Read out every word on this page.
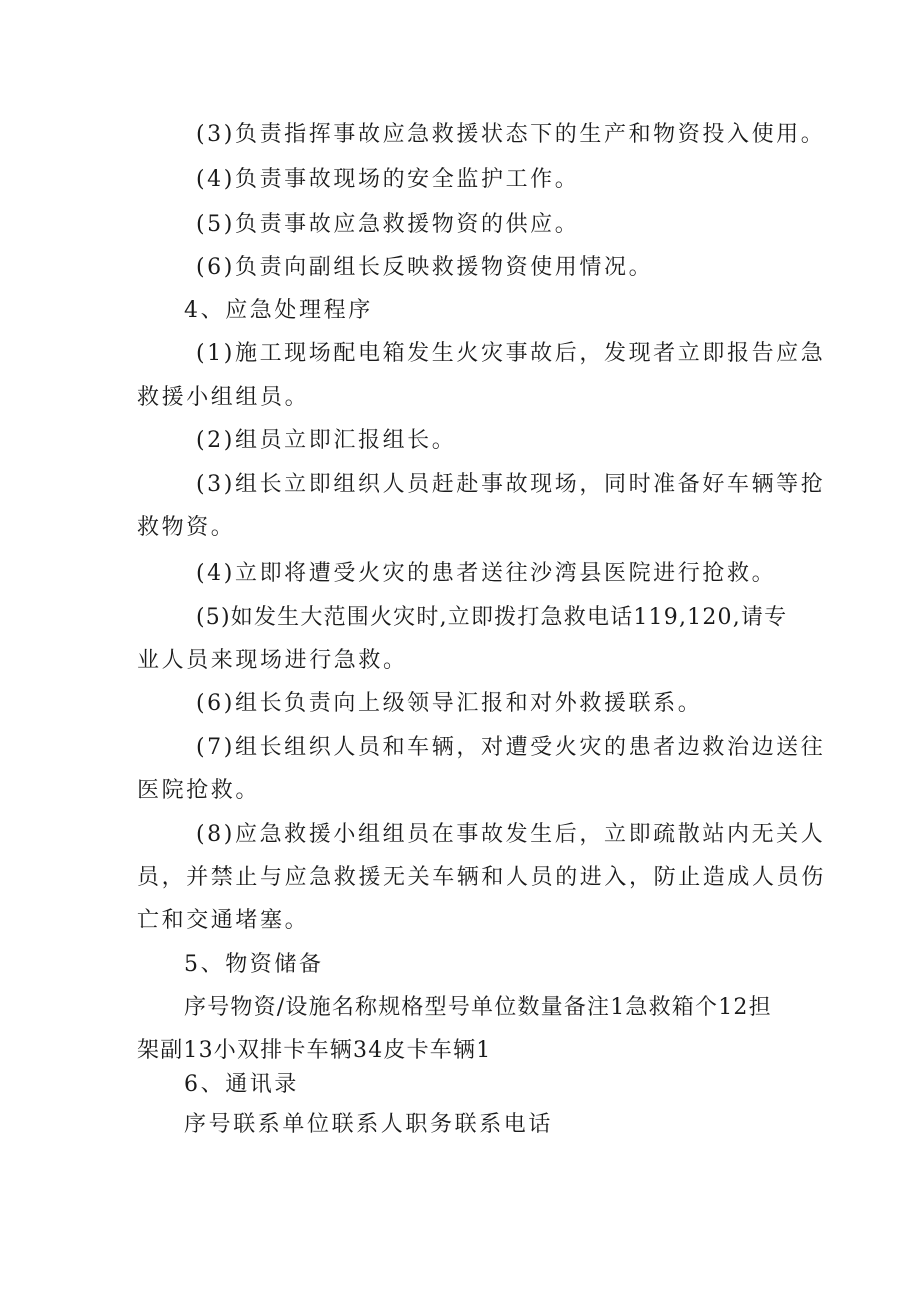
(3)负责指挥事故应急救援状态下的生产和物资投入使用。
(4)负责事故现场的安全监护工作。
(5)负责事故应急救援物资的供应。
(6)负责向副组长反映救援物资使用情况。
4、应急处理程序
(1)施工现场配电箱发生火灾事故后，发现者立即报告应急
救援小组组员。
(2)组员立即汇报组长。
(3)组长立即组织人员赶赴事故现场，同时准备好车辆等抢
救物资。
(4)立即将遭受火灾的患者送往沙湾县医院进行抢救。
(5)如发生大范围火灾时,立即拨打急救电话119,120,请专
业人员来现场进行急救。
(6)组长负责向上级领导汇报和对外救援联系。
(7)组长组织人员和车辆，对遭受火灾的患者边救治边送往
医院抢救。
(8)应急救援小组组员在事故发生后，立即疏散站内无关人
员，并禁止与应急救援无关车辆和人员的进入，防止造成人员伤
亡和交通堵塞。
5、物资储备
序号物资/设施名称规格型号单位数量备注1急救箱个12担
架副13小双排卡车辆34皮卡车辆1
6、通讯录
序号联系单位联系人职务联系电话
